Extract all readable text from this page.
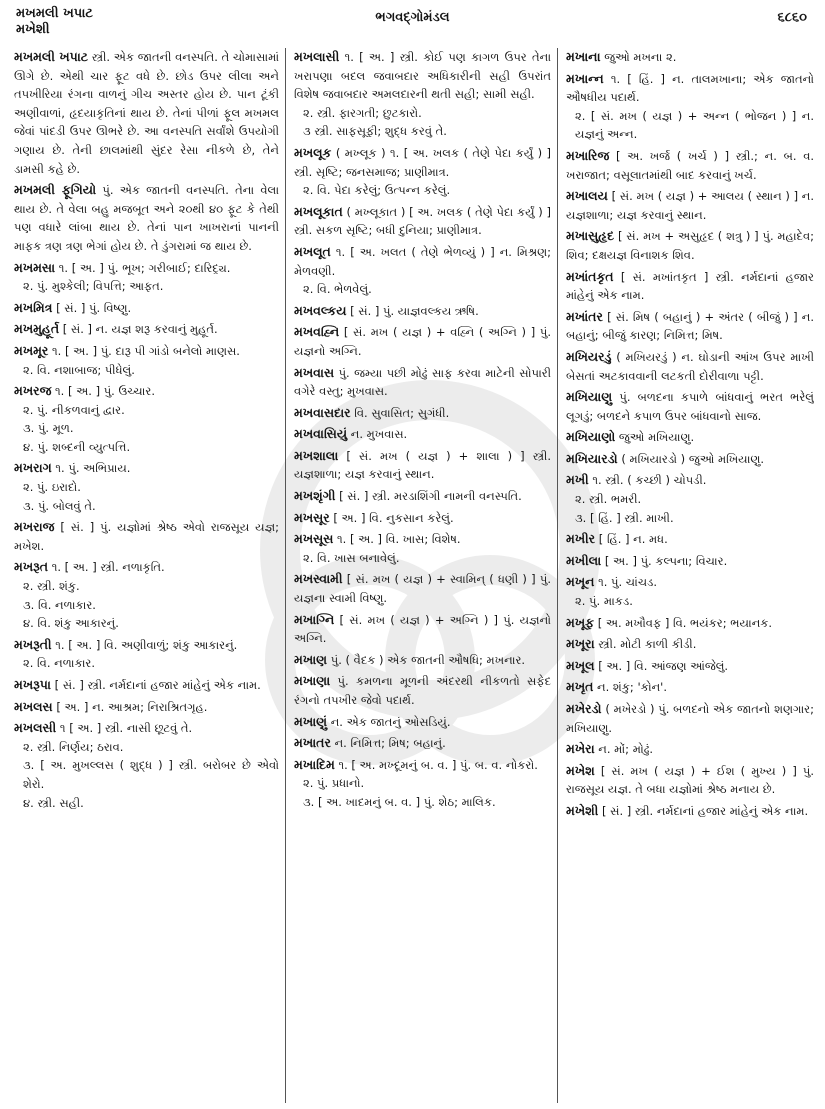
મખમલી ખપાટ
મખેશી
ભગવદ્ગોમંડલ	૬૮૬૦
મખમલી ખપાટ સ્ત્રી. એક જાતની વનસ્પતિ. તે ચોમાસામાં ઊગે છે. એથી ચાર ફૂટ વધે છે. છોડ ઉપર લીલા અને તપખીરિયા રંગના વાળનું ગીચ અસ્તર હોય છે. પાન ટૂંકી અણીવાળાં, હૃદયાકૃતિનાં થાય છે. તેનાં પીળાં ફૂલ મખમલ જેવાં પાંદડી ઉપર ઊભરે છે. આ વનસ્પતિ સર્વાંશે ઉપયોગી ગણાય છે. તેની છાલમાંથી સુંદર રેસા નીકળે છે, તેને ડામસી કહે છે.
મખમલી ફૂગિયો પું. એક જાતની વનસ્પતિ. તેના વેલા થાય છે. તે વેલા બહુ મજબૂત અને ૨૦થી ૪૦ ફૂટ કે તેથી પણ વધારે લાંબા થાય છે. તેનાં પાન ખાખરાનાં પાનની માફક ત્રણ ત્રણ ભેગાં હોય છે. તે ડુંગરામાં જ થાય છે.
મખમસા ૧. [ અ. ] પું. ભૂખ; ગરીબાઈ; દારિદ્ર્ય.
૨. પું. મુશ્કેલી; વિપત્તિ; આફત.
મખમિત્ર [ સં. ] પું. વિષ્ણુ.
મખમુહૂર્ત [ સં. ] ન. યજ્ઞ શરૂ કરવાનું મુહૂર્ત.
મખમૂર ૧. [ અ. ] પું. દારૂ પી ગાંડો બનેલો માણસ.
૨. વિ. નશાબાજ; પીધેલું.
મખરજ ૧. [ અ. ] પું. ઉચ્ચાર.
૨. પું. નીકળવાનું દ્વાર.
૩. પું. મૂળ.
૪. પું. શબ્દની વ્યુત્પત્તિ.
મખરાગ ૧. પું. અભિપ્રાય.
૨. પું. ઇરાદો.
૩. પું. બોલવું તે.
મખરાજ [ સં. ] પું. યજ્ઞોમાં શ્રેષ્ઠ એવો રાજસૂય યજ્ઞ; મખેશ.
મખરૂત ૧. [ અ. ] સ્ત્રી. નળાકૃતિ.
૨. સ્ત્રી. શંકુ.
૩. વિ. નળાકાર.
૪. વિ. શંકુ આકારનું.
મખરૂતી ૧. [ અ. ] વિ. અણીવાળું; શંકુ આકારનું.
૨. વિ. નળાકાર.
મખરૂપા [ સં. ] સ્ત્રી. નર્મદાનાં હજાર માંહેનું એક નામ.
મખલસ [ અ. ] ન. આશ્રમ; નિરાશ્રિતગૃહ.
મખલસી ૧ [ અ. ] સ્ત્રી. નાસી છૂટવું તે.
૨. સ્ત્રી. નિર્ણય; ઠરાવ.
૩. [ અ. મુખલ્લસ ( શુદ્ધ ) ] સ્ત્રી. બરોબર છે એવો શેરો.
૪. સ્ત્રી. સહી.
મખલાસી ૧. [ અ. ] સ્ત્રી. કોઈ પણ કાગળ ઉપર તેના ખરાપણા બદલ જવાબદાર અધિકારીની સહી ઉપરાંત વિશેષ જવાબદાર અમલદારની થતી સહી; સામી સહી.
૨. સ્ત્રી. ફારગતી; છુટકારો.
૩ સ્ત્રી. સાફસૂફી; શુદ્ધ કરવું તે.
મખલૂક ( મખ્લૂક ) ૧. [ અ. ખલક ( તેણે પેદા કર્યું ) ] સ્ત્રી. સૃષ્ટિ; જનસમાજ; પ્રાણીમાત્ર.
૨. વિ. પેદા કરેલું; ઉત્પન્ન કરેલું.
મખલૂકાત ( મખ્લૂકાત ) [ અ. ખલક ( તેણે પેદા કર્યું ) ] સ્ત્રી. સકળ સૃષ્ટિ; બધી દુનિયા; પ્રાણીમાત્ર.
મખલૂત ૧. [ અ. ખલત ( તેણે ભેળવ્યું ) ] ન. મિશ્રણ; મેળવણી.
૨. વિ. ભેળવેલું.
મખવલ્કય [ સં. ] પું. યાજ્ઞવલ્કય ઋષિ.
મખવહ્નિ [ સં. મખ ( યજ્ઞ ) + વહ્નિ ( અગ્નિ ) ] પું. યજ્ઞનો અગ્નિ.
મખવાસ પું. જમ્યા પછી મોઢું સાફ કરવા માટેની સોપારી વગેરે વસ્તુ; મુખવાસ.
મખવાસદાર વિ. સુવાસિત; સુગંધી.
મખવાસિયું ન. મુખવાસ.
મખશાલા [ સં. મખ ( યજ્ઞ ) + શાલા ) ] સ્ત્રી. યજ્ઞશાળા; યજ્ઞ કરવાનું સ્થાન.
મખશૃંગી [ સં. ] સ્ત્રી. મરડાશિંગી નામની વનસ્પતિ.
મખસૂર [ અ. ] વિ. નુકસાન કરેલું.
મખસૂસ ૧. [ અ. ] વિ. ખાસ; વિશેષ.
૨. વિ. ખાસ બનાવેલું.
મખસ્વામી [ સં. મખ ( યજ્ઞ ) + સ્વામિન્ ( ધણી ) ] પું. યજ્ઞના સ્વામી વિષ્ણુ.
મખાગ્નિ [ સં. મખ ( યજ્ઞ ) + અગ્નિ ) ] પું. યજ્ઞનો અગ્નિ.
મખાણ પું. ( વૈદક ) એક જાતની ઔષધિ; મખનાર.
મખાણા પું. કમળના મૂળની અંદરથી નીકળતો સફેદ રંગનો તપખીર જેવો પદાર્થ.
મખાણું ન. એક જાતનું ઓસડિયું.
મખાતર ન. નિમિત્ત; મિષ; બહાનું.
મખાદિમ ૧. [ અ. મખ્દૂમનું બ. વ. ] પું. બ. વ. નોકરો.
૨. પું. પ્રધાનો.
૩. [ અ. ખાદમનું બ. વ. ] પું. શેઠ; માલિક.
મખાના જુઓ મખના ૨.
મખાન્ન ૧. [ હિં. ] ન. તાલમખાના; એક જાતનો ઔષધીય પદાર્થ.
૨. [ સં. મખ ( યજ્ઞ ) + અન્ન ( ભોજન ) ] ન. યજ્ઞનું અન્ન.
મખારિજ [ અ. ખર્જ ( ખર્ચ ) ] સ્ત્રી.; ન. બ. વ. ખરાજાત; વસૂલાતમાંથી બાદ કરવાનું ખર્ચ.
મખાલય [ સં. મખ ( યજ્ઞ ) + આલય ( સ્થાન ) ] ન. યજ્ઞશાળા; યજ્ઞ કરવાનું સ્થાન.
મખાસુહૃદ [ સં. મખ + અસુહૃદ ( શત્રુ ) ] પું. મહાદેવ; શિવ; દક્ષયજ્ઞ વિનાશક શિવ.
મખાંતકૃત [ સં. મખાંતકૃત ] સ્ત્રી. નર્મદાનાં હજાર માંહેનું એક નામ.
મખાંતર [ સં. મિષ ( બહાનું ) + અંતર ( બીજું ) ] ન. બહાનું; બીજું કારણ; નિમિત્ત; મિષ.
મખિયરડું ( મખિયરડું ) ન. ઘોડાની આંખ ઉપર માખી બેસતાં અટકાવવાની લટકતી દોરીવાળા પટ્ટી.
મખિયાણુ પું. બળદના કપાળે બાંધવાનું ભરત ભરેલું લૂગડું; બળદને કપાળ ઉપર બાંધવાનો સાજ.
મખિયાણો જુઓ મખિયાણુ.
મખિયારડો ( મખિયારડો ) જુઓ મખિયાણુ.
મખી ૧. સ્ત્રી. ( કચ્છી ) ચોપડી.
૨. સ્ત્રી. ભમરી.
૩. [ હિં. ] સ્ત્રી. માખી.
મખીર [ હિં. ] ન. મધ.
મખીલા [ અ. ] પું. કલ્પના; વિચાર.
મખૂન ૧. પું. ચાંચડ.
૨. પું. માકડ.
મખૂફ [ અ. મખૌવફ ] વિ. ભયંકર; ભયાનક.
મખૂરા સ્ત્રી. મોટી કાળી કીડી.
મખૂલ [ અ. ] વિ. આંજણ આંજેલું.
મખૃત ન. શંકુ; 'કોન'.
મખેરડો ( મખેરડો ) પું. બળદનો એક જાતનો શણગાર; મખિયાણુ.
મખેરા ન. મોં; મોઢું.
મખેશ [ સં. મખ ( યજ્ઞ ) + ઈશ ( મુખ્ય ) ] પું. રાજસૂય યજ્ઞ. તે બધા યજ્ઞોમાં શ્રેષ્ઠ મનાય છે.
મખેશી [ સં. ] સ્ત્રી. નર્મદાનાં હજાર માંહેનું એક નામ.
